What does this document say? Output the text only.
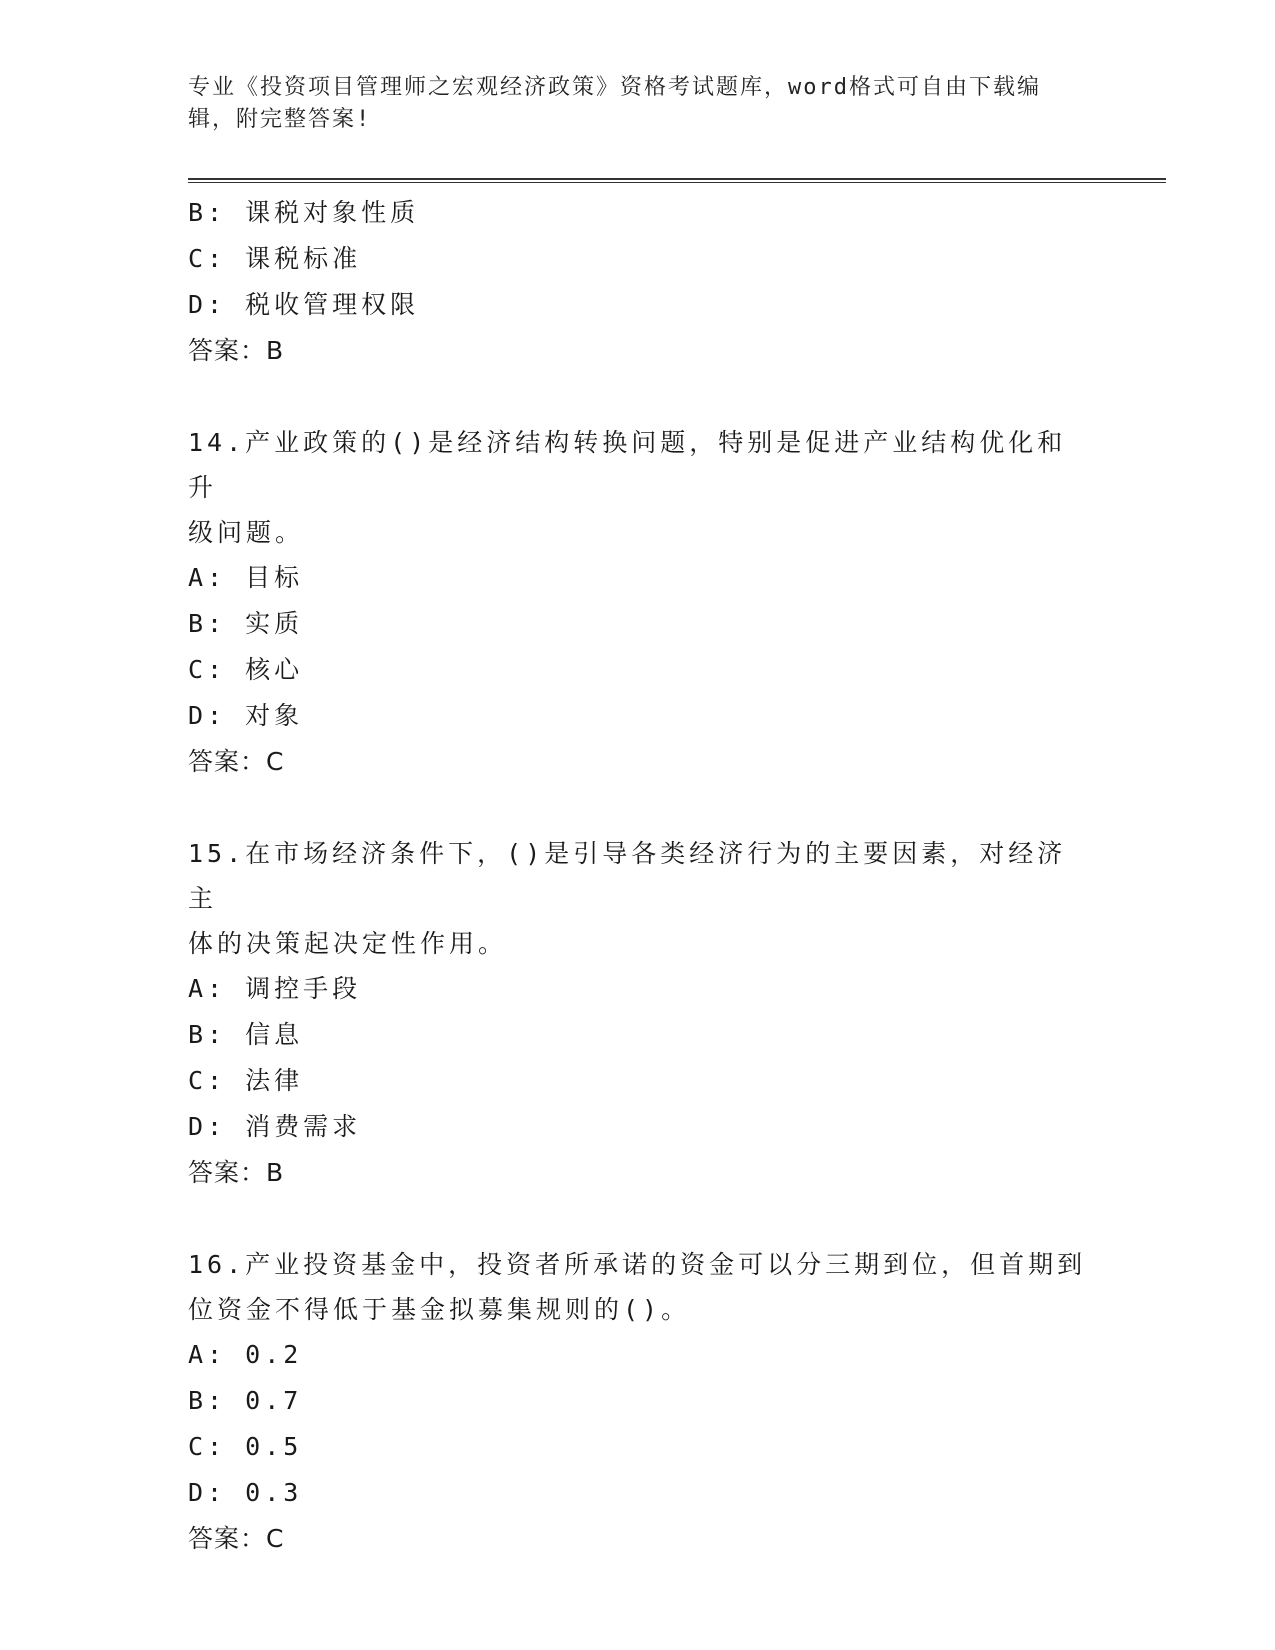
专业《投资项目管理师之宏观经济政策》资格考试题库，word格式可自由下载编
辑，附完整答案!
B: 课税对象性质
C: 课税标准
D: 税收管理权限
答案：B
14.产业政策的()是经济结构转换问题，特别是促进产业结构优化和升
级问题。
A: 目标
B: 实质
C: 核心
D: 对象
答案：C
15.在市场经济条件下，()是引导各类经济行为的主要因素，对经济主
体的决策起决定性作用。
A: 调控手段
B: 信息
C: 法律
D: 消费需求
答案：B
16.产业投资基金中，投资者所承诺的资金可以分三期到位，但首期到
位资金不得低于基金拟募集规则的()。
A: 0.2
B: 0.7
C: 0.5
D: 0.3
答案：C
